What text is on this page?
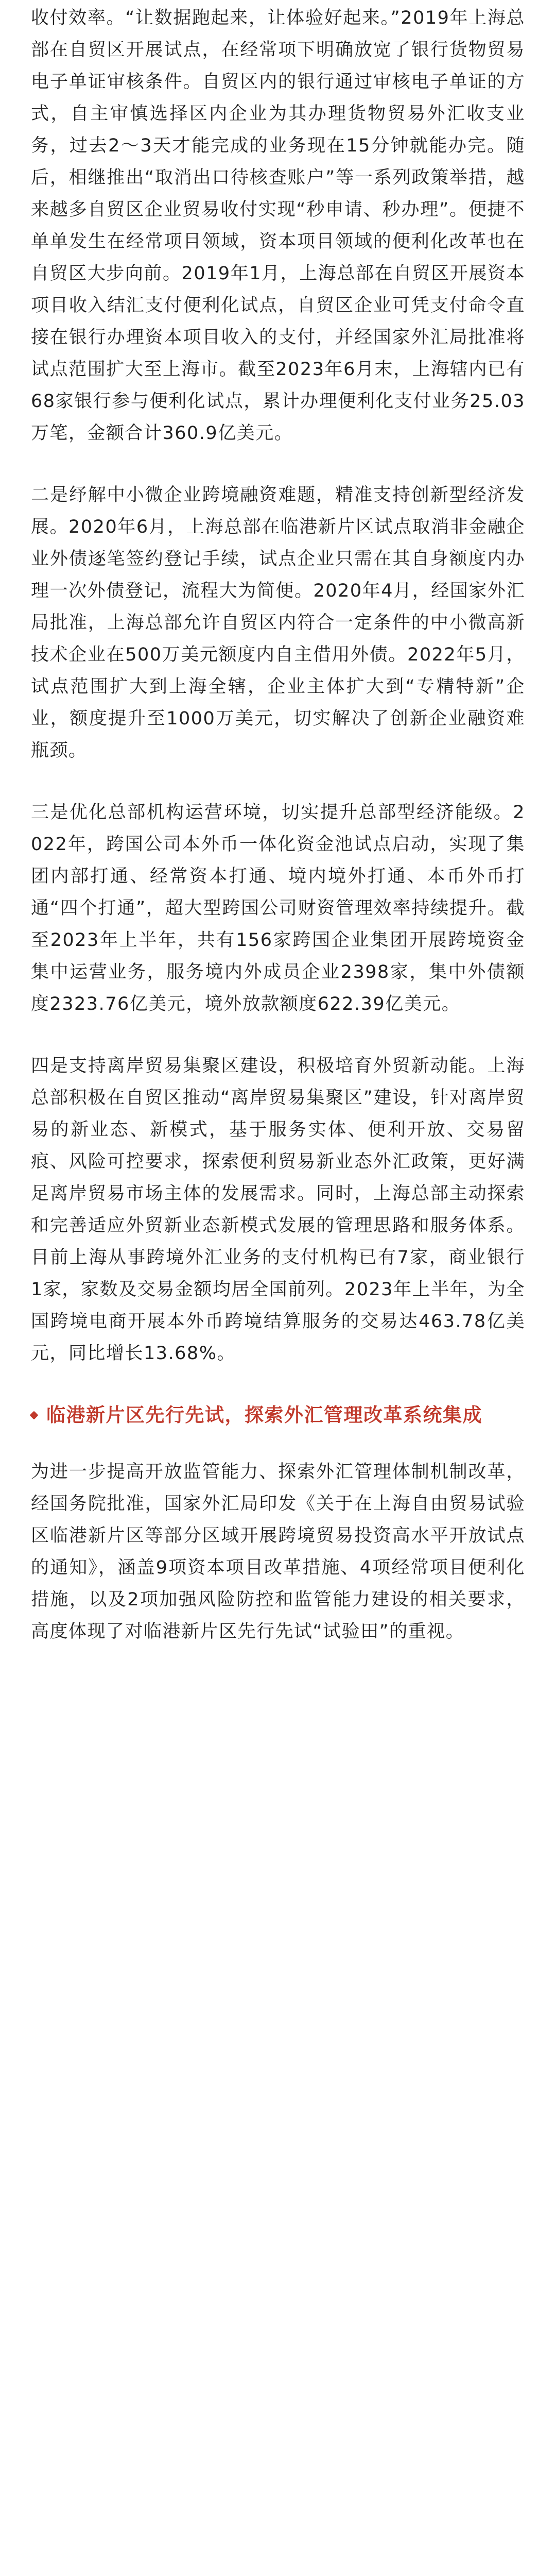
收付效率。“让数据跑起来，让体验好起来。”2019年上海总部在自贸区开展试点，在经常项下明确放宽了银行货物贸易电子单证审核条件。自贸区内的银行通过审核电子单证的方式，自主审慎选择区内企业为其办理货物贸易外汇收支业务，过去2～3天才能完成的业务现在15分钟就能办完。随后，相继推出“取消出口待核查账户”等一系列政策举措，越来越多自贸区企业贸易收付实现“秒申请、秒办理”。便捷不单单发生在经常项目领域，资本项目领域的便利化改革也在自贸区大步向前。2019年1月，上海总部在自贸区开展资本项目收入结汇支付便利化试点，自贸区企业可凭支付命令直接在银行办理资本项目收入的支付，并经国家外汇局批准将试点范围扩大至上海市。截至2023年6月末，上海辖内已有68家银行参与便利化试点，累计办理便利化支付业务25.03万笔，金额合计360.9亿美元。

二是纾解中小微企业跨境融资难题，精准支持创新型经济发展。2020年6月，上海总部在临港新片区试点取消非金融企业外债逐笔签约登记手续，试点企业只需在其自身额度内办理一次外债登记，流程大为简便。2020年4月，经国家外汇局批准，上海总部允许自贸区内符合一定条件的中小微高新技术企业在500万美元额度内自主借用外债。2022年5月，试点范围扩大到上海全辖，企业主体扩大到“专精特新”企业，额度提升至1000万美元，切实解决了创新企业融资难瓶颈。

三是优化总部机构运营环境，切实提升总部型经济能级。2022年，跨国公司本外币一体化资金池试点启动，实现了集团内部打通、经常资本打通、境内境外打通、本币外币打通“四个打通”，超大型跨国公司财资管理效率持续提升。截至2023年上半年，共有156家跨国企业集团开展跨境资金集中运营业务，服务境内外成员企业2398家，集中外债额度2323.76亿美元，境外放款额度622.39亿美元。

四是支持离岸贸易集聚区建设，积极培育外贸新动能。上海总部积极在自贸区推动“离岸贸易集聚区”建设，针对离岸贸易的新业态、新模式，基于服务实体、便利开放、交易留痕、风险可控要求，探索便利贸易新业态外汇政策，更好满足离岸贸易市场主体的发展需求。同时，上海总部主动探索和完善适应外贸新业态新模式发展的管理思路和服务体系。目前上海从事跨境外汇业务的支付机构已有7家，商业银行1家，家数及交易金额均居全国前列。2023年上半年，为全国跨境电商开展本外币跨境结算服务的交易达463.78亿美元，同比增长13.68%。

临港新片区先行先试，探索外汇管理改革系统集成

为进一步提高开放监管能力、探索外汇管理体制机制改革，经国务院批准，国家外汇局印发《关于在上海自由贸易试验区临港新片区等部分区域开展跨境贸易投资高水平开放试点的通知》，涵盖9项资本项目改革措施、4项经常项目便利化措施，以及2项加强风险防控和监管能力建设的相关要求，高度体现了对临港新片区先行先试“试验田”的重视。
